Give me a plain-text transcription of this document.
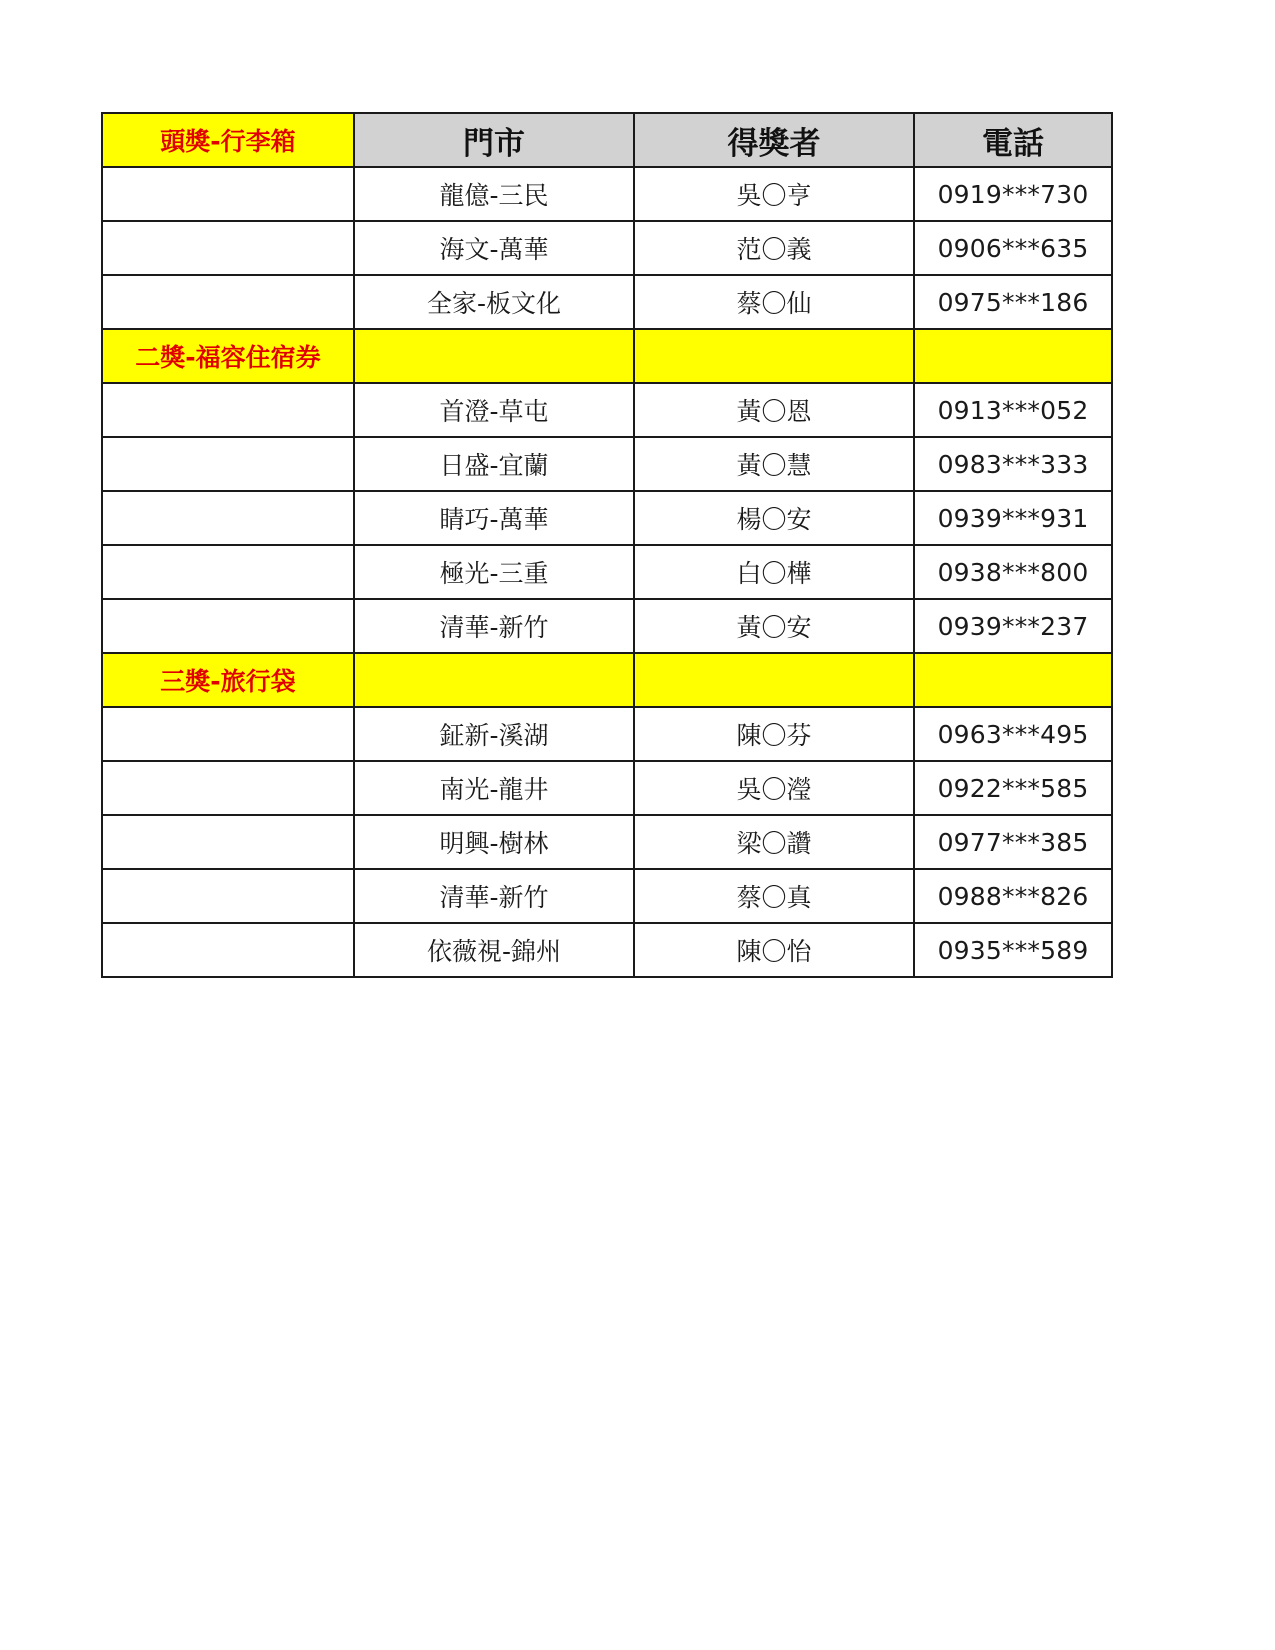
頭獎-行李箱	門市	得獎者	電話
	龍億-三民	吳〇亨	0919***730
	海文-萬華	范〇義	0906***635
	全家-板文化	蔡〇仙	0975***186
二獎-福容住宿券			
	首澄-草屯	黃〇恩	0913***052
	日盛-宜蘭	黃〇慧	0983***333
	睛巧-萬華	楊〇安	0939***931
	極光-三重	白〇樺	0938***800
	清華-新竹	黃〇安	0939***237
三獎-旅行袋			
	鉦新-溪湖	陳〇芬	0963***495
	南光-龍井	吳〇瀅	0922***585
	明興-樹林	梁〇讚	0977***385
	清華-新竹	蔡〇真	0988***826
	依薇視-錦州	陳〇怡	0935***589
